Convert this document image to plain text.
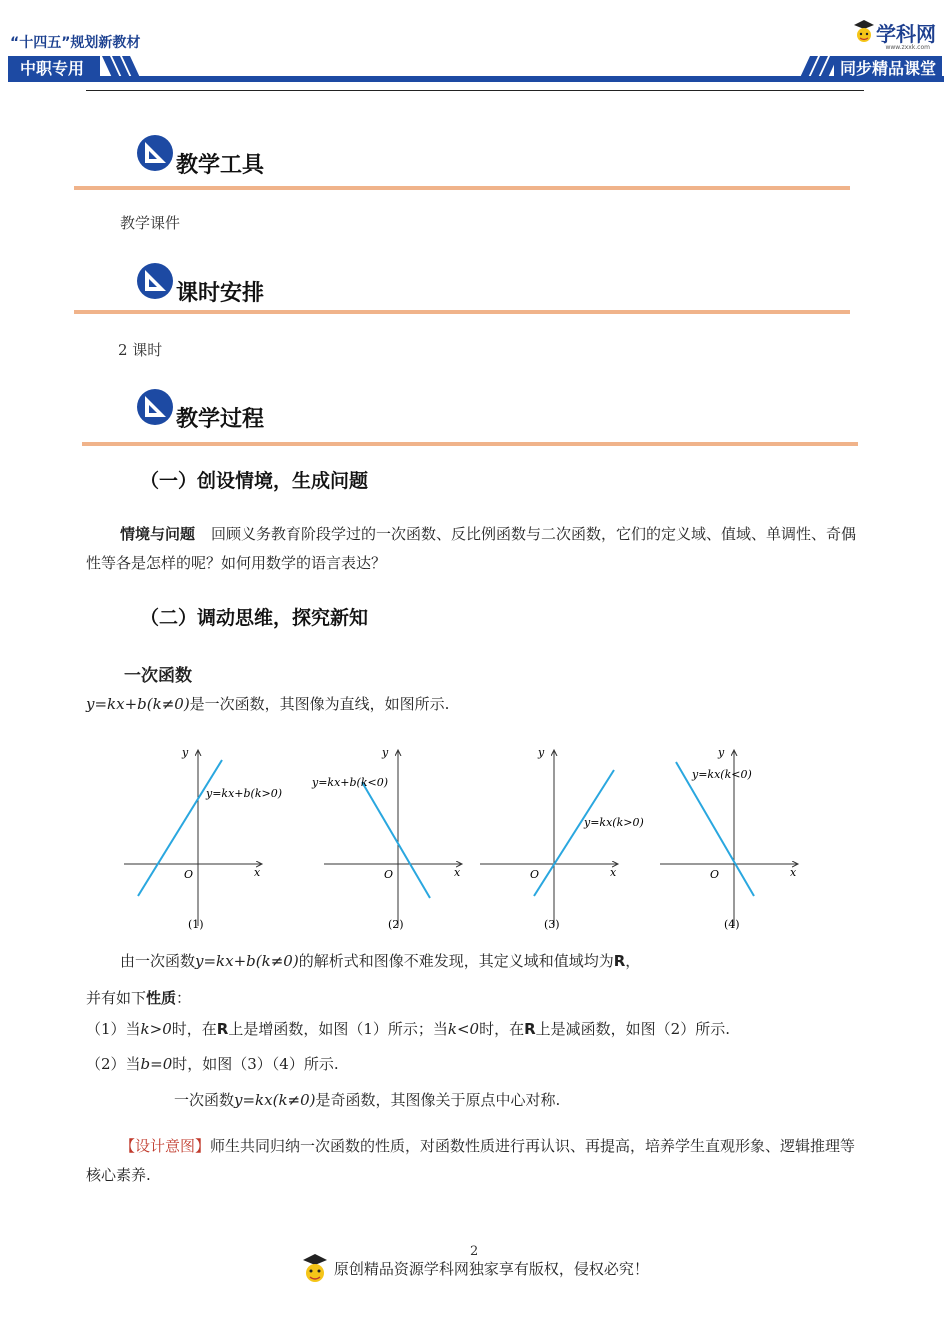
“十四五”规划新教材
中职专用	同步精品课堂
学科网
www.zxxk.com
教学工具
教学课件
课时安排
2 课时
教学过程
（一）创设情境，生成问题
情境与问题 回顾义务教育阶段学过的一次函数、反比例函数与二次函数，它们的定义域、值域、单调性、奇偶性等各是怎样的呢？如何用数学的语言表达？
（二）调动思维，探究新知
一次函数
y=kx+b(k≠0)是一次函数，其图像为直线，如图所示.
y
x
O
y=kx+b(k>0)
(1)
y
x
O
y=kx+b(k<0)
(2)
y
x
O
y=kx(k>0)
(3)
y
x
O
y=kx(k<0)
(4)
由一次函数y=kx+b(k≠0)的解析式和图像不难发现，其定义域和值域均为R，
并有如下性质：
（1）当k>0时，在R上是增函数，如图（1）所示；当k<0时，在R上是减函数，如图（2）所示.
（2）当b=0时，如图（3）（4）所示.
一次函数y=kx(k≠0)是奇函数，其图像关于原点中心对称.
【设计意图】师生共同归纳一次函数的性质，对函数性质进行再认识、再提高，培养学生直观形象、逻辑推理等核心素养.
2
原创精品资源学科网独家享有版权，侵权必究！
